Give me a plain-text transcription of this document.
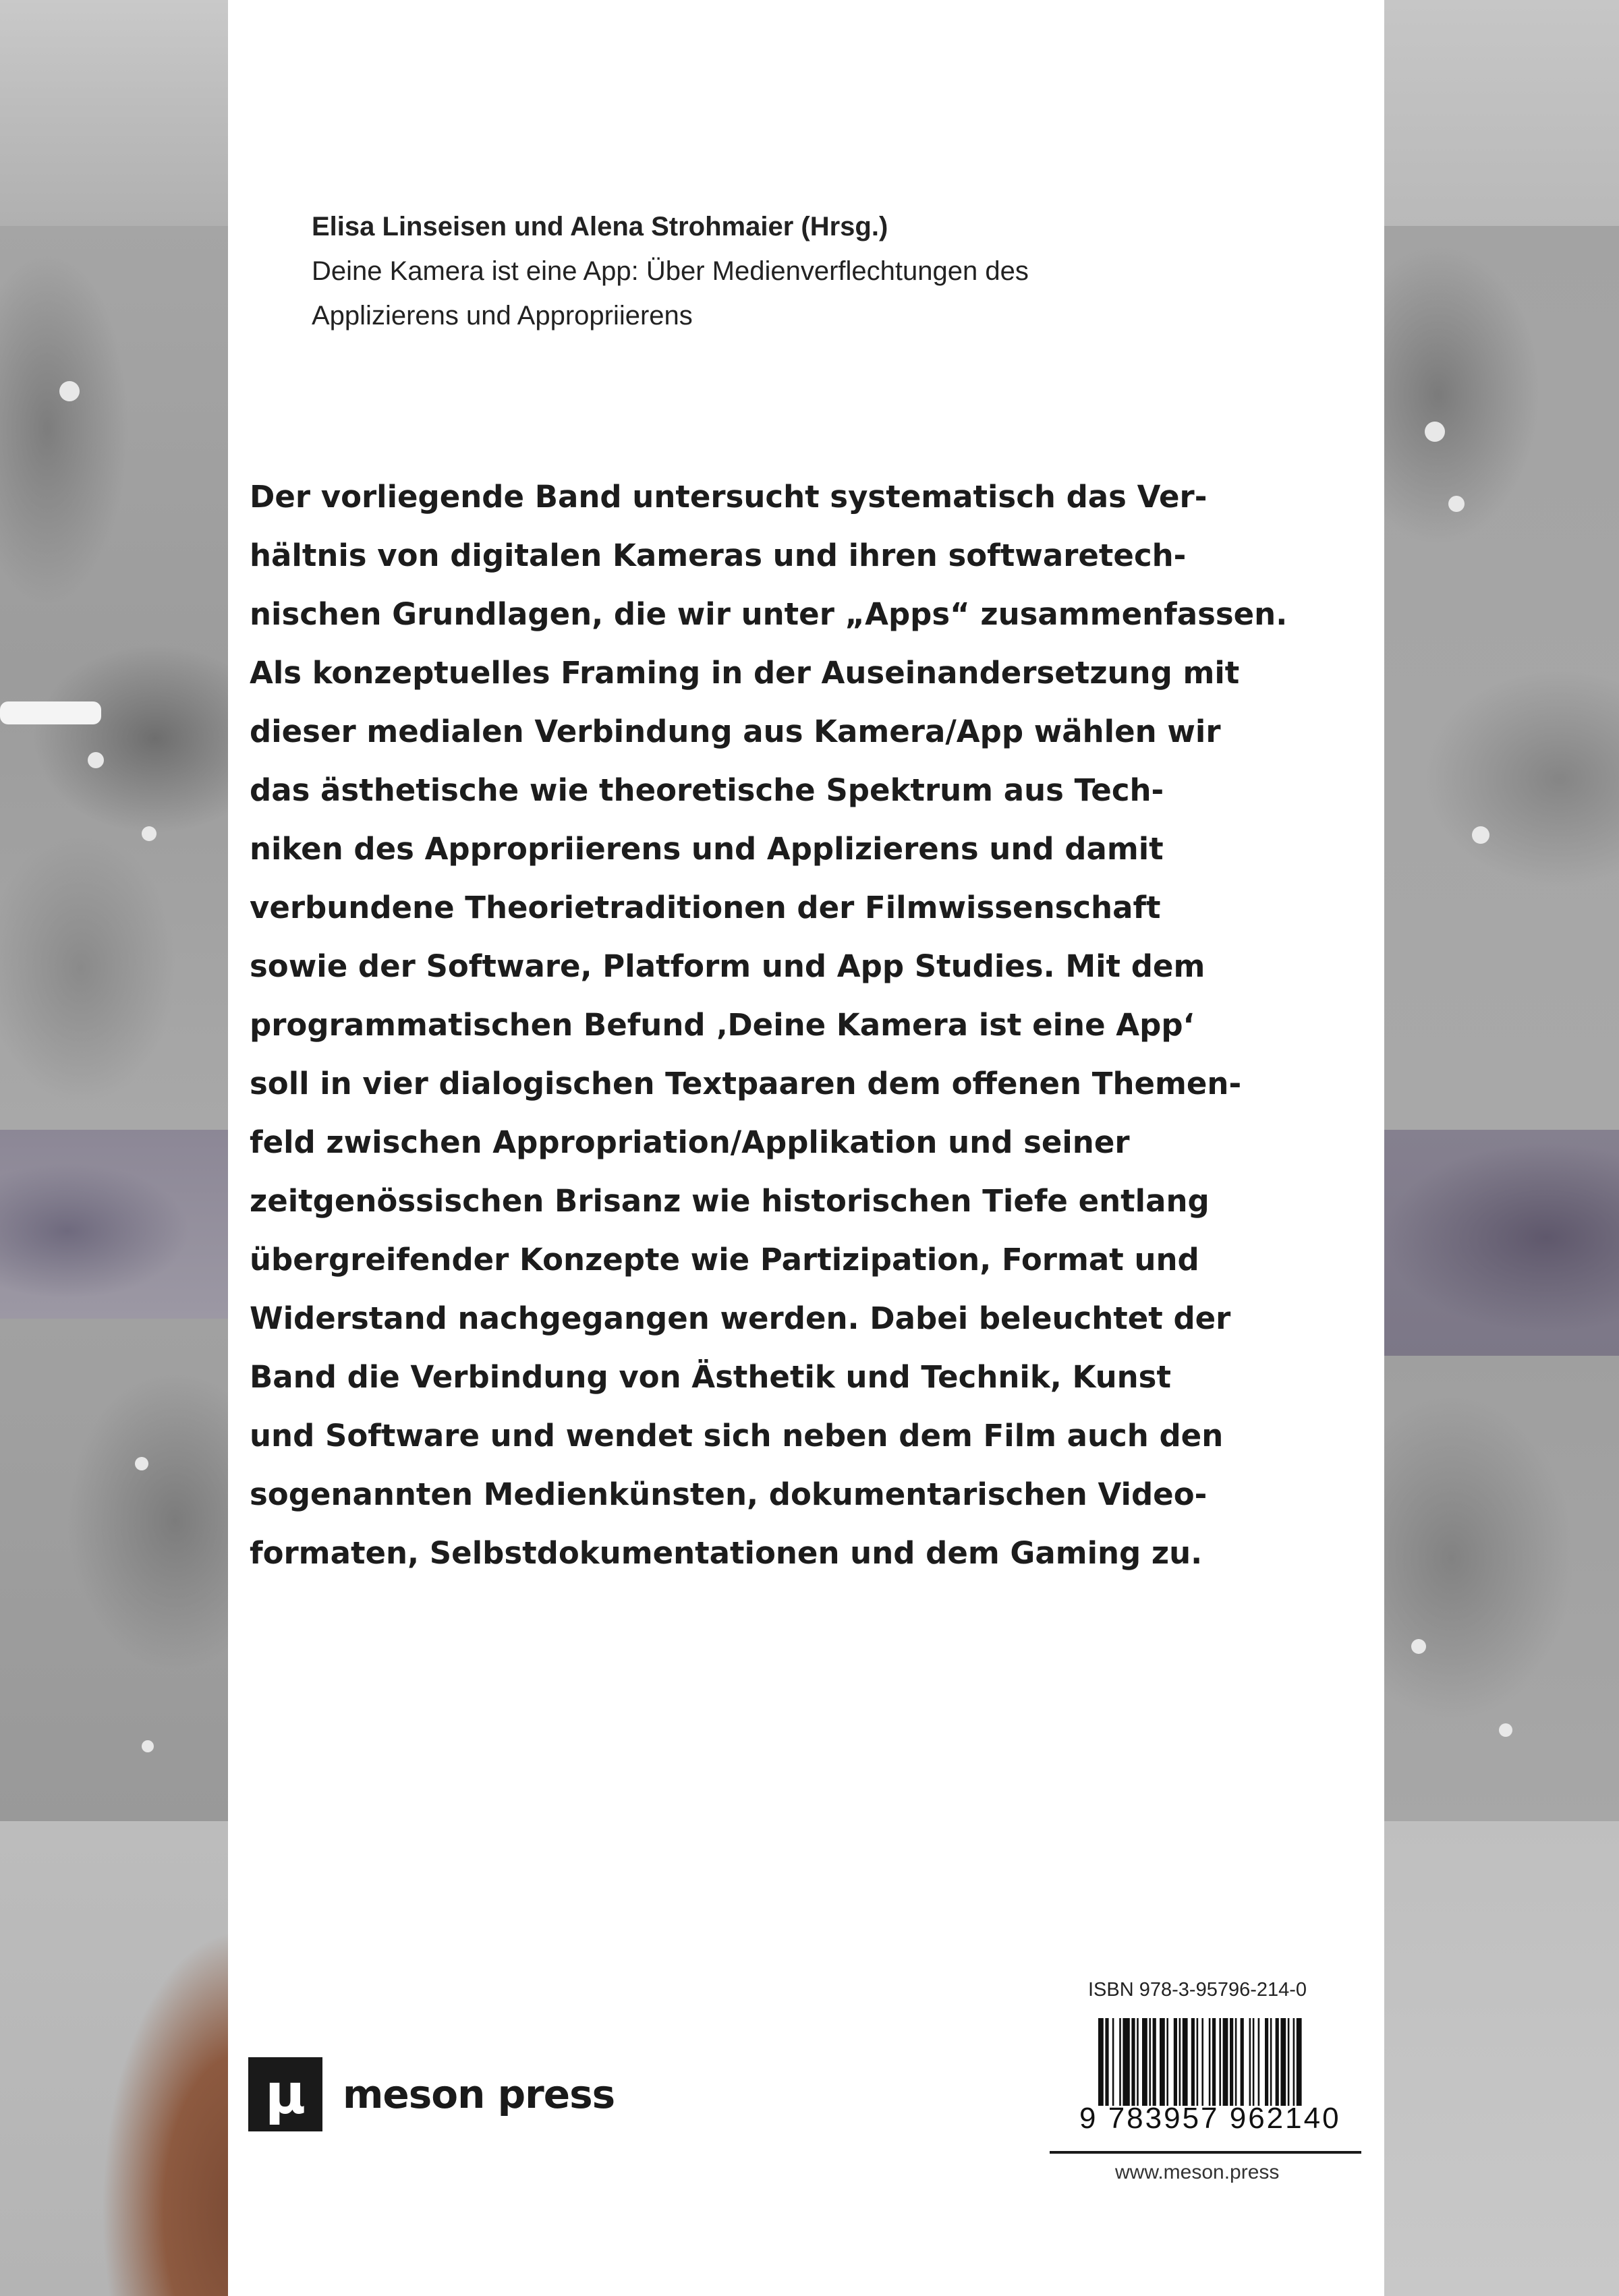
Elisa Linseisen und Alena Strohmaier (Hrsg.)
Deine Kamera ist eine App: Über Medienverflechtungen des
Applizierens und Appropriierens
Der vorliegende Band untersucht systematisch das Ver-
hältnis von digitalen Kameras und ihren softwaretech-
nischen Grundlagen, die wir unter „Apps“ zusammenfassen.
Als konzeptuelles Framing in der Auseinandersetzung mit
dieser medialen Verbindung aus Kamera/App wählen wir
das ästhetische wie theoretische Spektrum aus Tech-
niken des Appropriierens und Applizierens und damit
verbundene Theorietraditionen der Filmwissenschaft
sowie der Software, Platform und App Studies. Mit dem
programmatischen Befund ‚Deine Kamera ist eine App‘
soll in vier dialogischen Textpaaren dem offenen Themen-
feld zwischen Appropriation/Applikation und seiner
zeitgenössischen Brisanz wie historischen Tiefe entlang
übergreifender Konzepte wie Partizipation, Format und
Widerstand nachgegangen werden. Dabei beleuchtet der
Band die Verbindung von Ästhetik und Technik, Kunst
und Software und wendet sich neben dem Film auch den
sogenannten Medienkünsten, dokumentarischen Video-
formaten, Selbstdokumentationen und dem Gaming zu.
µ meson press
ISBN 978-3-95796-214-0
9 783957 962140
www.meson.press
